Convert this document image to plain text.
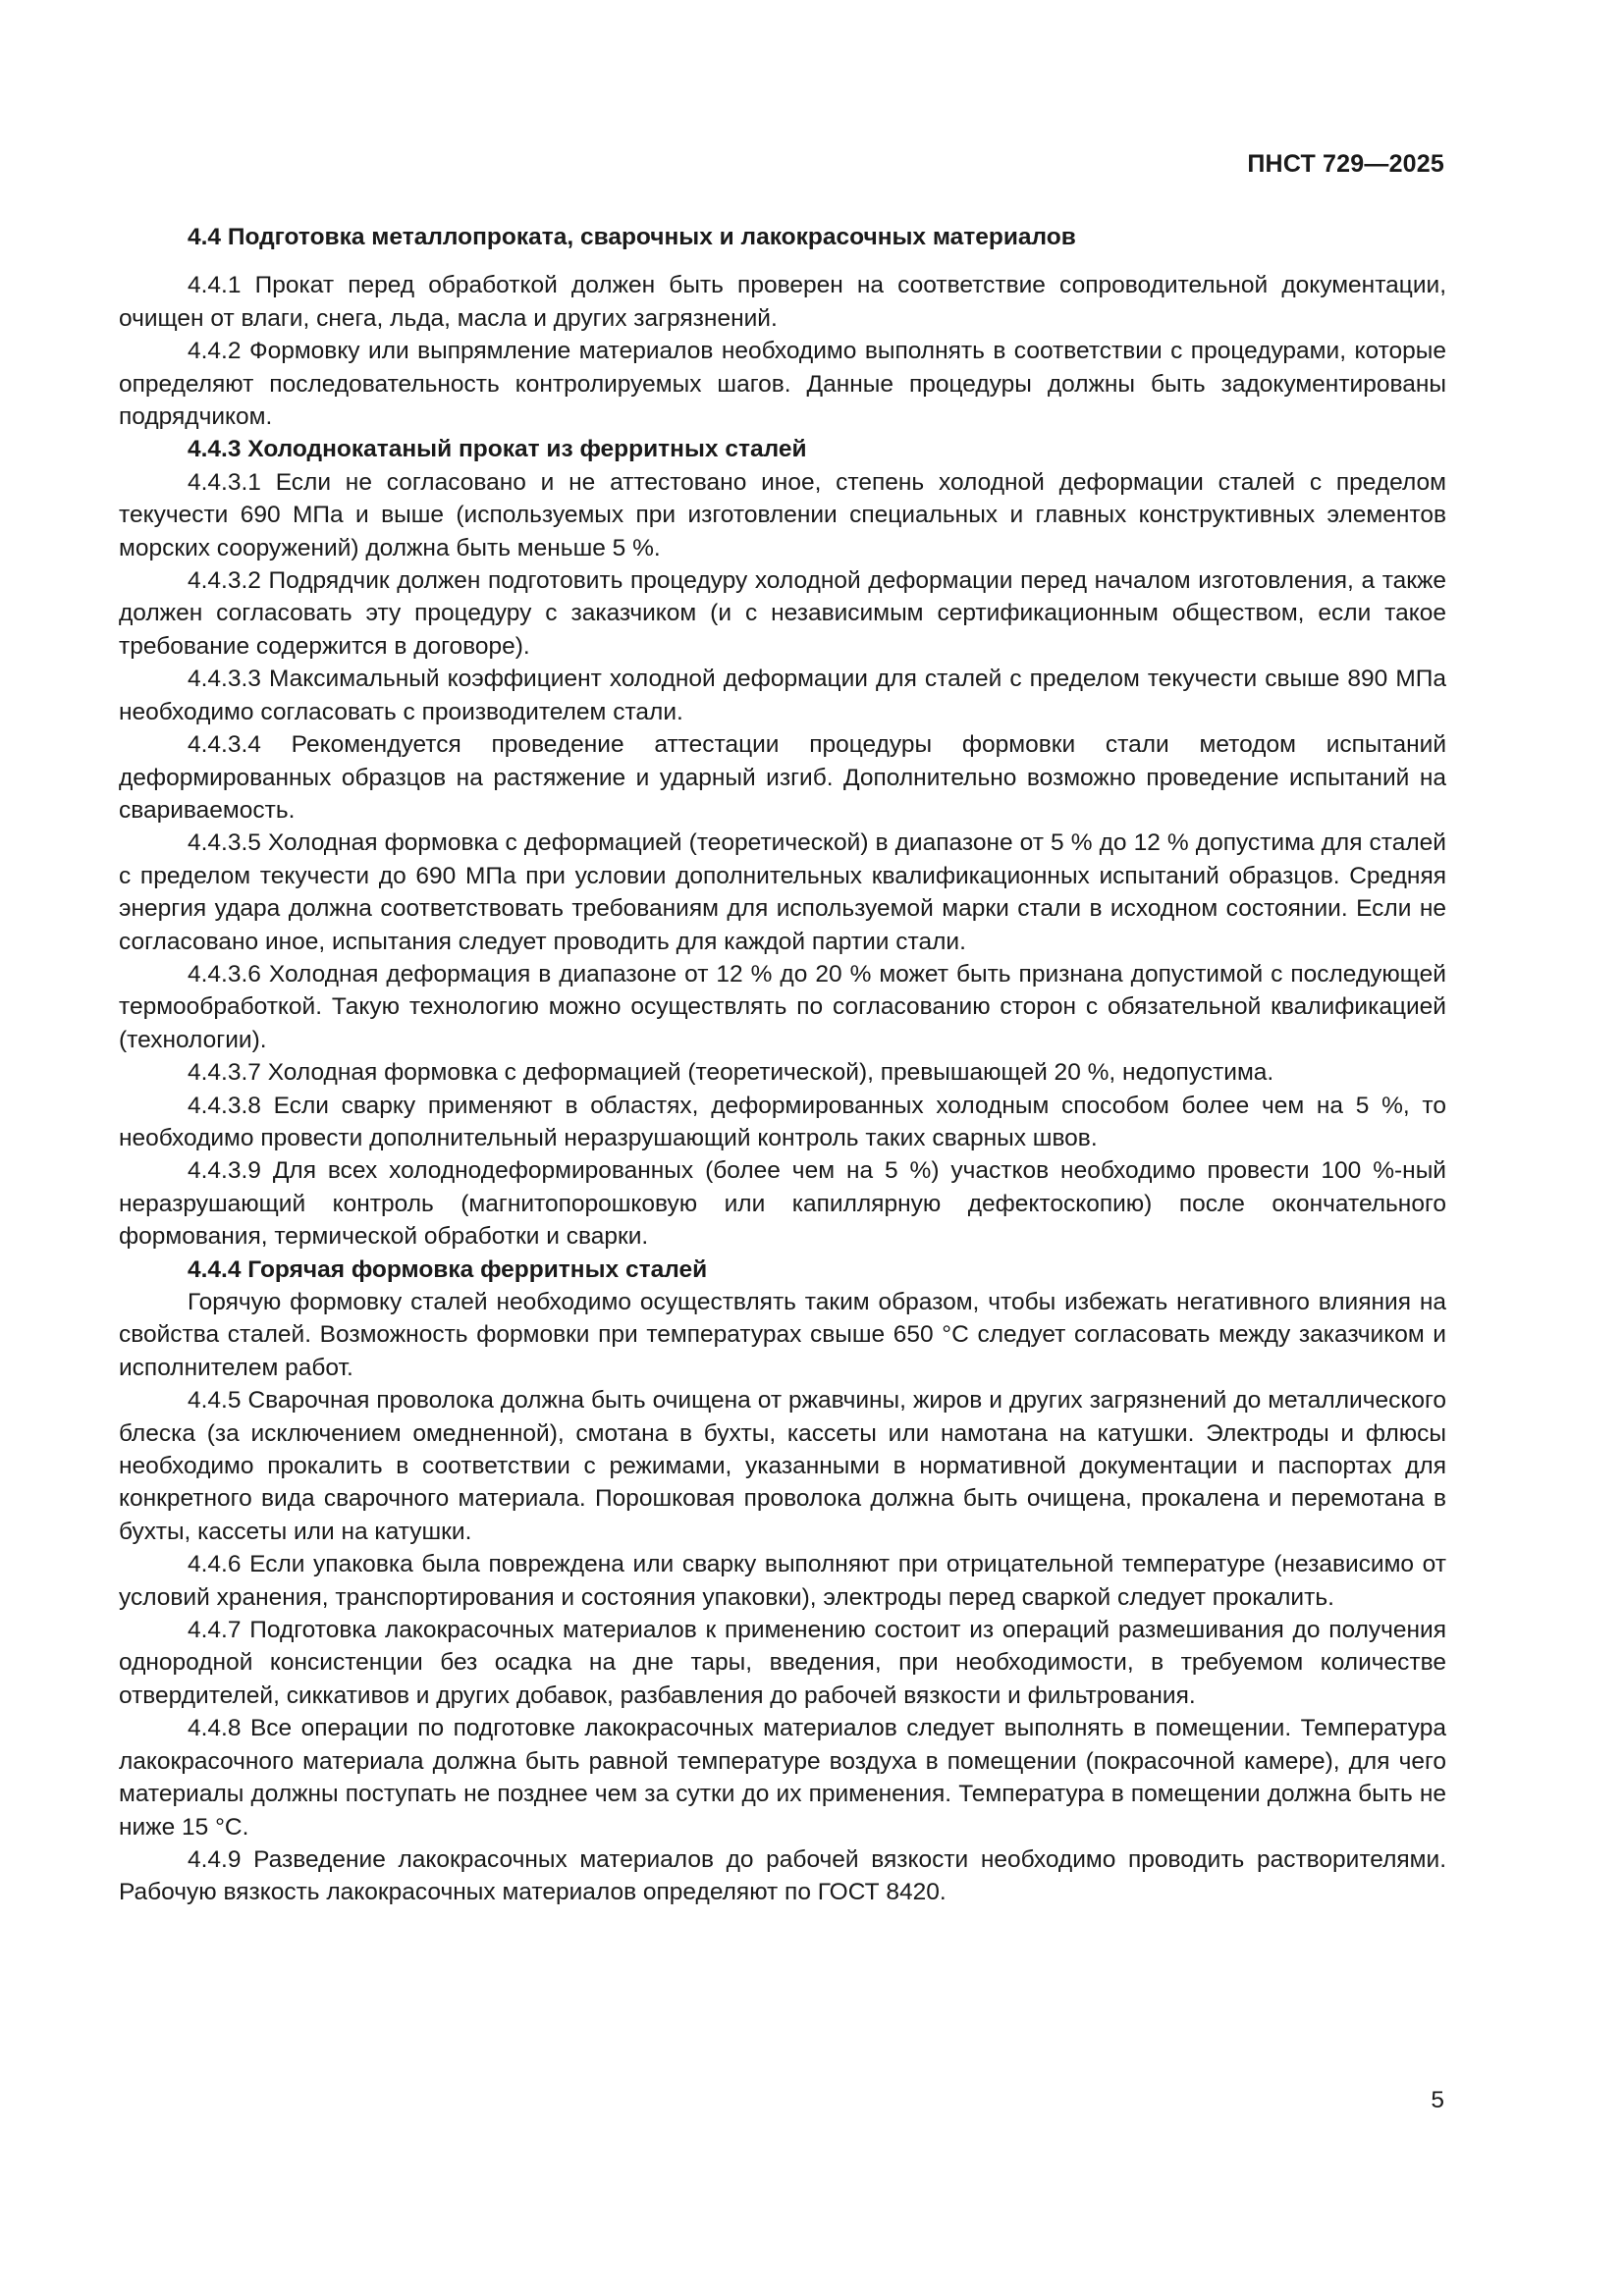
ПНСТ 729—2025

4.4 Подготовка металлопроката, сварочных и лакокрасочных материалов

4.4.1 Прокат перед обработкой должен быть проверен на соответствие сопроводительной документации, очищен от влаги, снега, льда, масла и других загрязнений.

4.4.2 Формовку или выпрямление материалов необходимо выполнять в соответствии с процедурами, которые определяют последовательность контролируемых шагов. Данные процедуры должны быть задокументированы подрядчиком.

4.4.3 Холоднокатаный прокат из ферритных сталей

4.4.3.1 Если не согласовано и не аттестовано иное, степень холодной деформации сталей с пределом текучести 690 МПа и выше (используемых при изготовлении специальных и главных конструктивных элементов морских сооружений) должна быть меньше 5 %.

4.4.3.2 Подрядчик должен подготовить процедуру холодной деформации перед началом изготовления, а также должен согласовать эту процедуру с заказчиком (и с независимым сертификационным обществом, если такое требование содержится в договоре).

4.4.3.3 Максимальный коэффициент холодной деформации для сталей с пределом текучести свыше 890 МПа необходимо согласовать с производителем стали.

4.4.3.4 Рекомендуется проведение аттестации процедуры формовки стали методом испытаний деформированных образцов на растяжение и ударный изгиб. Дополнительно возможно проведение испытаний на свариваемость.

4.4.3.5 Холодная формовка с деформацией (теоретической) в диапазоне от 5 % до 12 % допустима для сталей с пределом текучести до 690 МПа при условии дополнительных квалификационных испытаний образцов. Средняя энергия удара должна соответствовать требованиям для используемой марки стали в исходном состоянии. Если не согласовано иное, испытания следует проводить для каждой партии стали.

4.4.3.6 Холодная деформация в диапазоне от 12 % до 20 % может быть признана допустимой с последующей термообработкой. Такую технологию можно осуществлять по согласованию сторон с обязательной квалификацией (технологии).

4.4.3.7 Холодная формовка с деформацией (теоретической), превышающей 20 %, недопустима.

4.4.3.8 Если сварку применяют в областях, деформированных холодным способом более чем на 5 %, то необходимо провести дополнительный неразрушающий контроль таких сварных швов.

4.4.3.9 Для всех холоднодеформированных (более чем на 5 %) участков необходимо провести 100 %-ный неразрушающий контроль (магнитопорошковую или капиллярную дефектоскопию) после окончательного формования, термической обработки и сварки.

4.4.4 Горячая формовка ферритных сталей

Горячую формовку сталей необходимо осуществлять таким образом, чтобы избежать негативного влияния на свойства сталей. Возможность формовки при температурах свыше 650 °С следует согласовать между заказчиком и исполнителем работ.

4.4.5 Сварочная проволока должна быть очищена от ржавчины, жиров и других загрязнений до металлического блеска (за исключением омедненной), смотана в бухты, кассеты или намотана на катушки. Электроды и флюсы необходимо прокалить в соответствии с режимами, указанными в нормативной документации и паспортах для конкретного вида сварочного материала. Порошковая проволока должна быть очищена, прокалена и перемотана в бухты, кассеты или на катушки.

4.4.6 Если упаковка была повреждена или сварку выполняют при отрицательной температуре (независимо от условий хранения, транспортирования и состояния упаковки), электроды перед сваркой следует прокалить.

4.4.7 Подготовка лакокрасочных материалов к применению состоит из операций размешивания до получения однородной консистенции без осадка на дне тары, введения, при необходимости, в требуемом количестве отвердителей, сиккативов и других добавок, разбавления до рабочей вязкости и фильтрования.

4.4.8 Все операции по подготовке лакокрасочных материалов следует выполнять в помещении. Температура лакокрасочного материала должна быть равной температуре воздуха в помещении (покрасочной камере), для чего материалы должны поступать не позднее чем за сутки до их применения. Температура в помещении должна быть не ниже 15 °С.

4.4.9 Разведение лакокрасочных материалов до рабочей вязкости необходимо проводить растворителями. Рабочую вязкость лакокрасочных материалов определяют по ГОСТ 8420.

5
